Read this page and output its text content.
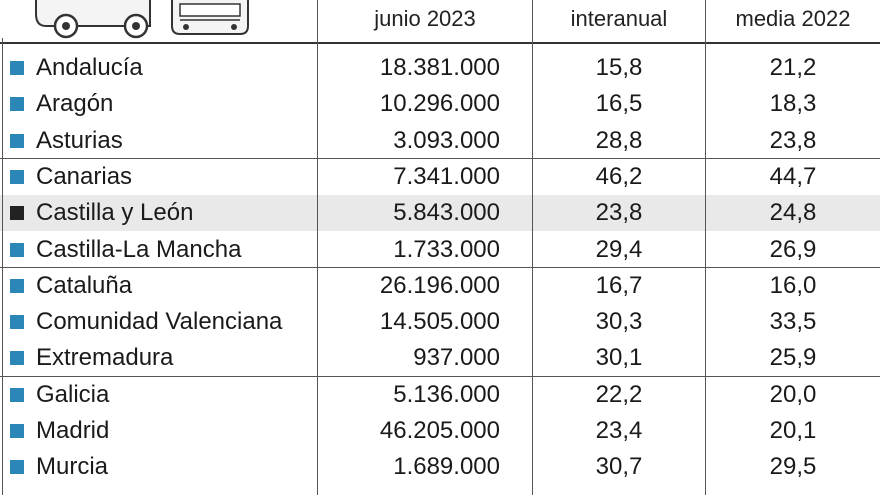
junio 2023	interanual	media 2022
Andalucía	18.381.000	15,8	21,2
Aragón	10.296.000	16,5	18,3
Asturias	3.093.000	28,8	23,8
Canarias	7.341.000	46,2	44,7
Castilla y León	5.843.000	23,8	24,8
Castilla-La Mancha	1.733.000	29,4	26,9
Cataluña	26.196.000	16,7	16,0
Comunidad Valenciana	14.505.000	30,3	33,5
Extremadura	937.000	30,1	25,9
Galicia	5.136.000	22,2	20,0
Madrid	46.205.000	23,4	20,1
Murcia	1.689.000	30,7	29,5
